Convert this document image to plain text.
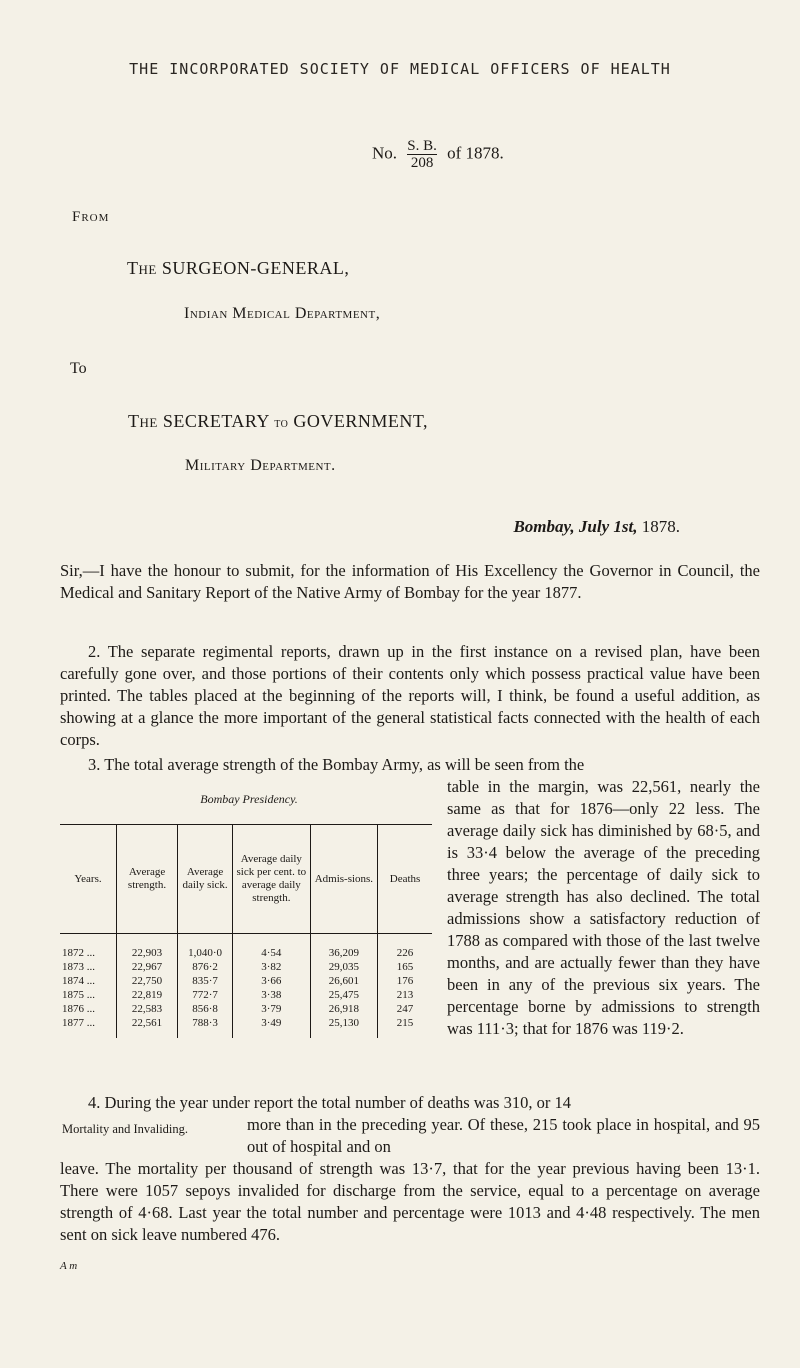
THE INCORPORATED SOCIETY OF MEDICAL OFFICERS OF HEALTH
No. $\frac{S. B.}{208}$ of 1878.
From
The SURGEON-GENERAL,
Indian Medical Department,
To
The SECRETARY to GOVERNMENT,
Military Department.
Bombay, July 1st, 1878.
Sir,—I have the honour to submit, for the information of His Excellency the Governor in Council, the Medical and Sanitary Report of the Native Army of Bombay for the year 1877.
2. The separate regimental reports, drawn up in the first instance on a revised plan, have been carefully gone over, and those portions of their contents only which possess practical value have been printed. The tables placed at the beginning of the reports will, I think, be found a useful addition, as showing at a glance the more important of the general statistical facts connected with the health of each corps.
3. The total average strength of the Bombay Army, as will be seen from the
table in the margin, was 22,561, nearly the same as that for 1876—only 22 less. The average daily sick has diminished by 68·5, and is 33·4 below the average of the preceding three years; the percentage of daily sick to average strength has also declined. The total admissions show a satisfactory reduction of 1788 as compared with those of the last twelve months, and are actually fewer than they have been in any of the previous six years. The percentage borne by admissions to strength was 111·3; that for 1876 was 119·2.
Bombay Presidency.
Years.	Average strength.	Average daily sick.	Average daily sick per cent. to average daily strength.	Admis-sions.	Deaths
1872 ...	22,903	1,040·0	4·54	36,209	226
1873 ...	22,967	876·2	3·82	29,035	165
1874 ...	22,750	835·7	3·66	26,601	176
1875 ...	22,819	772·7	3·38	25,475	213
1876 ...	22,583	856·8	3·79	26,918	247
1877 ...	22,561	788·3	3·49	25,130	215
4. During the year under report the total number of deaths was 310, or 14
Mortality and Invaliding.	more than in the preceding year. Of these, 215 took place in hospital, and 95 out of hospital and on
leave. The mortality per thousand of strength was 13·7, that for the year previous having been 13·1. There were 1057 sepoys invalided for discharge from the service, equal to a percentage on average strength of 4·68. Last year the total number and percentage were 1013 and 4·48 respectively. The men sent on sick leave numbered 476.
A m
